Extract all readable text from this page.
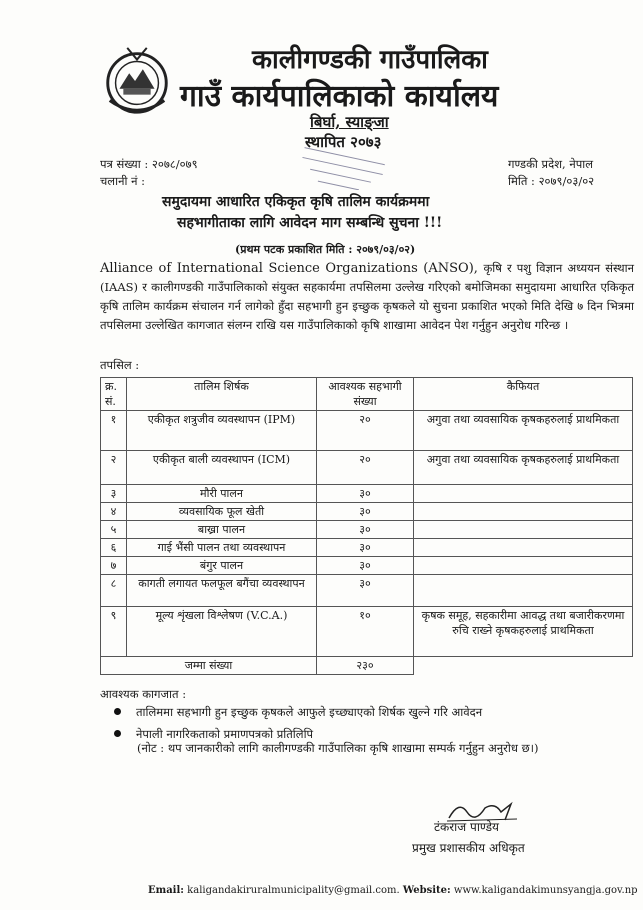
कालीगण्डकी गाउँपालिका
गाउँ कार्यपालिकाको कार्यालय
बिर्घा, स्याङ्जा
स्थापित २०७३
पत्र संख्या : २०७८/०७९
चलानी नं :
गण्डकी प्रदेश, नेपाल
मिति : २०७९/०३/०२
समुदायमा आधारित एकिकृत कृषि तालिम कार्यक्रममा
सहभागीताका लागि आवेदन माग सम्बन्धि सुचना !!!
(प्रथम पटक प्रकाशित मिति : २०७९/०३/०२)
Alliance of International Science Organizations (ANSO), कृषि र पशु विज्ञान अध्ययन संस्थान (IAAS) र कालीगण्डकी गाउँपालिकाको संयुक्त सहकार्यमा तपसिलमा उल्लेख गरिएको बमोजिमका समुदायमा आधारित एकिकृत कृषि तालिम कार्यक्रम संचालन गर्न लागेको हुँदा सहभागी हुन इच्छुक कृषकले यो सुचना प्रकाशित भएको मिति देखि ७ दिन भित्रमा तपसिलमा उल्लेखित कागजात संलग्न राखि यस गाउँपालिकाको कृषि शाखामा आवेदन पेश गर्नुहुन अनुरोध गरिन्छ ।
तपसिल :
क्र. सं.	तालिम शिर्षक	आवश्यक सहभागी संख्या	कैफियत
१	एकीकृत शत्रुजीव व्यवस्थापन (IPM)	२०	अगुवा तथा व्यवसायिक कृषकहरुलाई प्राथमिकता
२	एकीकृत बाली व्यवस्थापन (ICM)	२०	अगुवा तथा व्यवसायिक कृषकहरुलाई प्राथमिकता
३	मौरी पालन	३०	
४	व्यवसायिक फूल खेती	३०	
५	बाख्रा पालन	३०	
६	गाई भैंसी पालन तथा व्यवस्थापन	३०	
७	बंगुर पालन	३०	
८	कागती लगायत फलफूल बगैंचा व्यवस्थापन	३०	
९	मूल्य शृंखला विश्लेषण (V.C.A.)	१०	कृषक समूह, सहकारीमा आवद्ध तथा बजारीकरणमा रुचि राख्ने कृषकहरुलाई प्राथमिकता
जम्मा संख्या		२३०	
आवश्यक कागजात :
तालिममा सहभागी हुन इच्छुक कृषकले आफुले इच्छ्याएको शिर्षक खुल्ने गरि आवेदन
नेपाली नागरिकताको प्रमाणपत्रको प्रतिलिपि
(नोट : थप जानकारीको लागि कालीगण्डकी गाउँपालिका कृषि शाखामा सम्पर्क गर्नुहुन अनुरोध छ।)
टंकराज पाण्डेय
प्रमुख प्रशासकीय अधिकृत
Email: kaligandakiruralmunicipality@gmail.com. Website: www.kaligandakimunsyangja.gov.np
